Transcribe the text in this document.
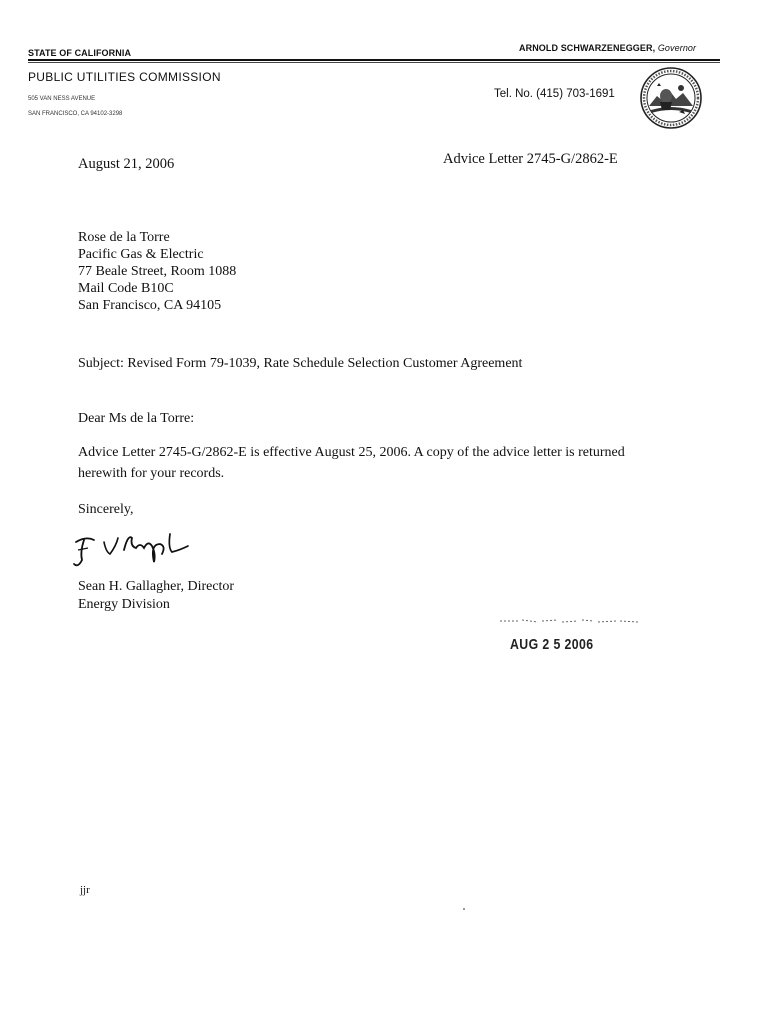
STATE OF CALIFORNIA	ARNOLD SCHWARZENEGGER, Governor
PUBLIC UTILITIES COMMISSION
505 VAN NESS AVENUE
SAN FRANCISCO, CA 94102-3298
Tel. No. (415) 703-1691
August 21, 2006	Advice Letter 2745-G/2862-E
Rose de la Torre
Pacific Gas & Electric
77 Beale Street, Room 1088
Mail Code B10C
San Francisco, CA 94105
Subject: Revised Form 79-1039, Rate Schedule Selection Customer Agreement
Dear Ms de la Torre:
Advice Letter 2745-G/2862-E is effective August 25, 2006. A copy of the advice letter is returned
herewith for your records.
Sincerely,
Sean H. Gallagher, Director
Energy Division
AUG 2 5 2006
jjr
